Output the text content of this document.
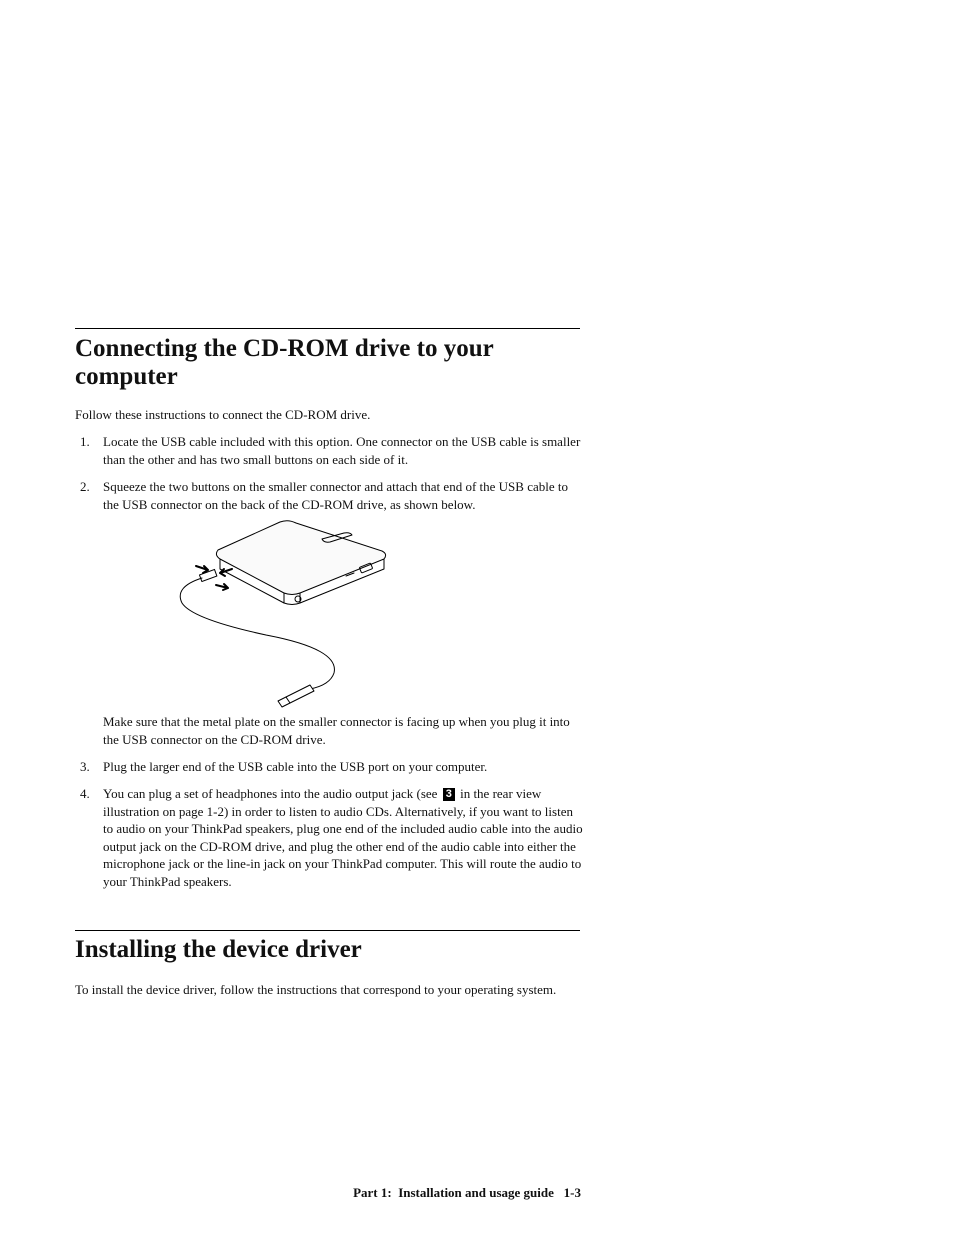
Connecting the CD-ROM drive to your computer

Follow these instructions to connect the CD-ROM drive.

1. Locate the USB cable included with this option. One connector on the USB cable is smaller than the other and has two small buttons on each side of it.
2. Squeeze the two buttons on the smaller connector and attach that end of the USB cable to the USB connector on the back of the CD-ROM drive, as shown below.
Make sure that the metal plate on the smaller connector is facing up when you plug it into the USB connector on the CD-ROM drive.
3. Plug the larger end of the USB cable into the USB port on your computer.
4. You can plug a set of headphones into the audio output jack (see 3 in the rear view illustration on page 1-2) in order to listen to audio CDs. Alternatively, if you want to listen to audio on your ThinkPad speakers, plug one end of the included audio cable into the audio output jack on the CD-ROM drive, and plug the other end of the audio cable into either the microphone jack or the line-in jack on your ThinkPad computer. This will route the audio to your ThinkPad speakers.
Installing the device driver

To install the device driver, follow the instructions that correspond to your operating system.

Part 1:  Installation and usage guide 1-3
